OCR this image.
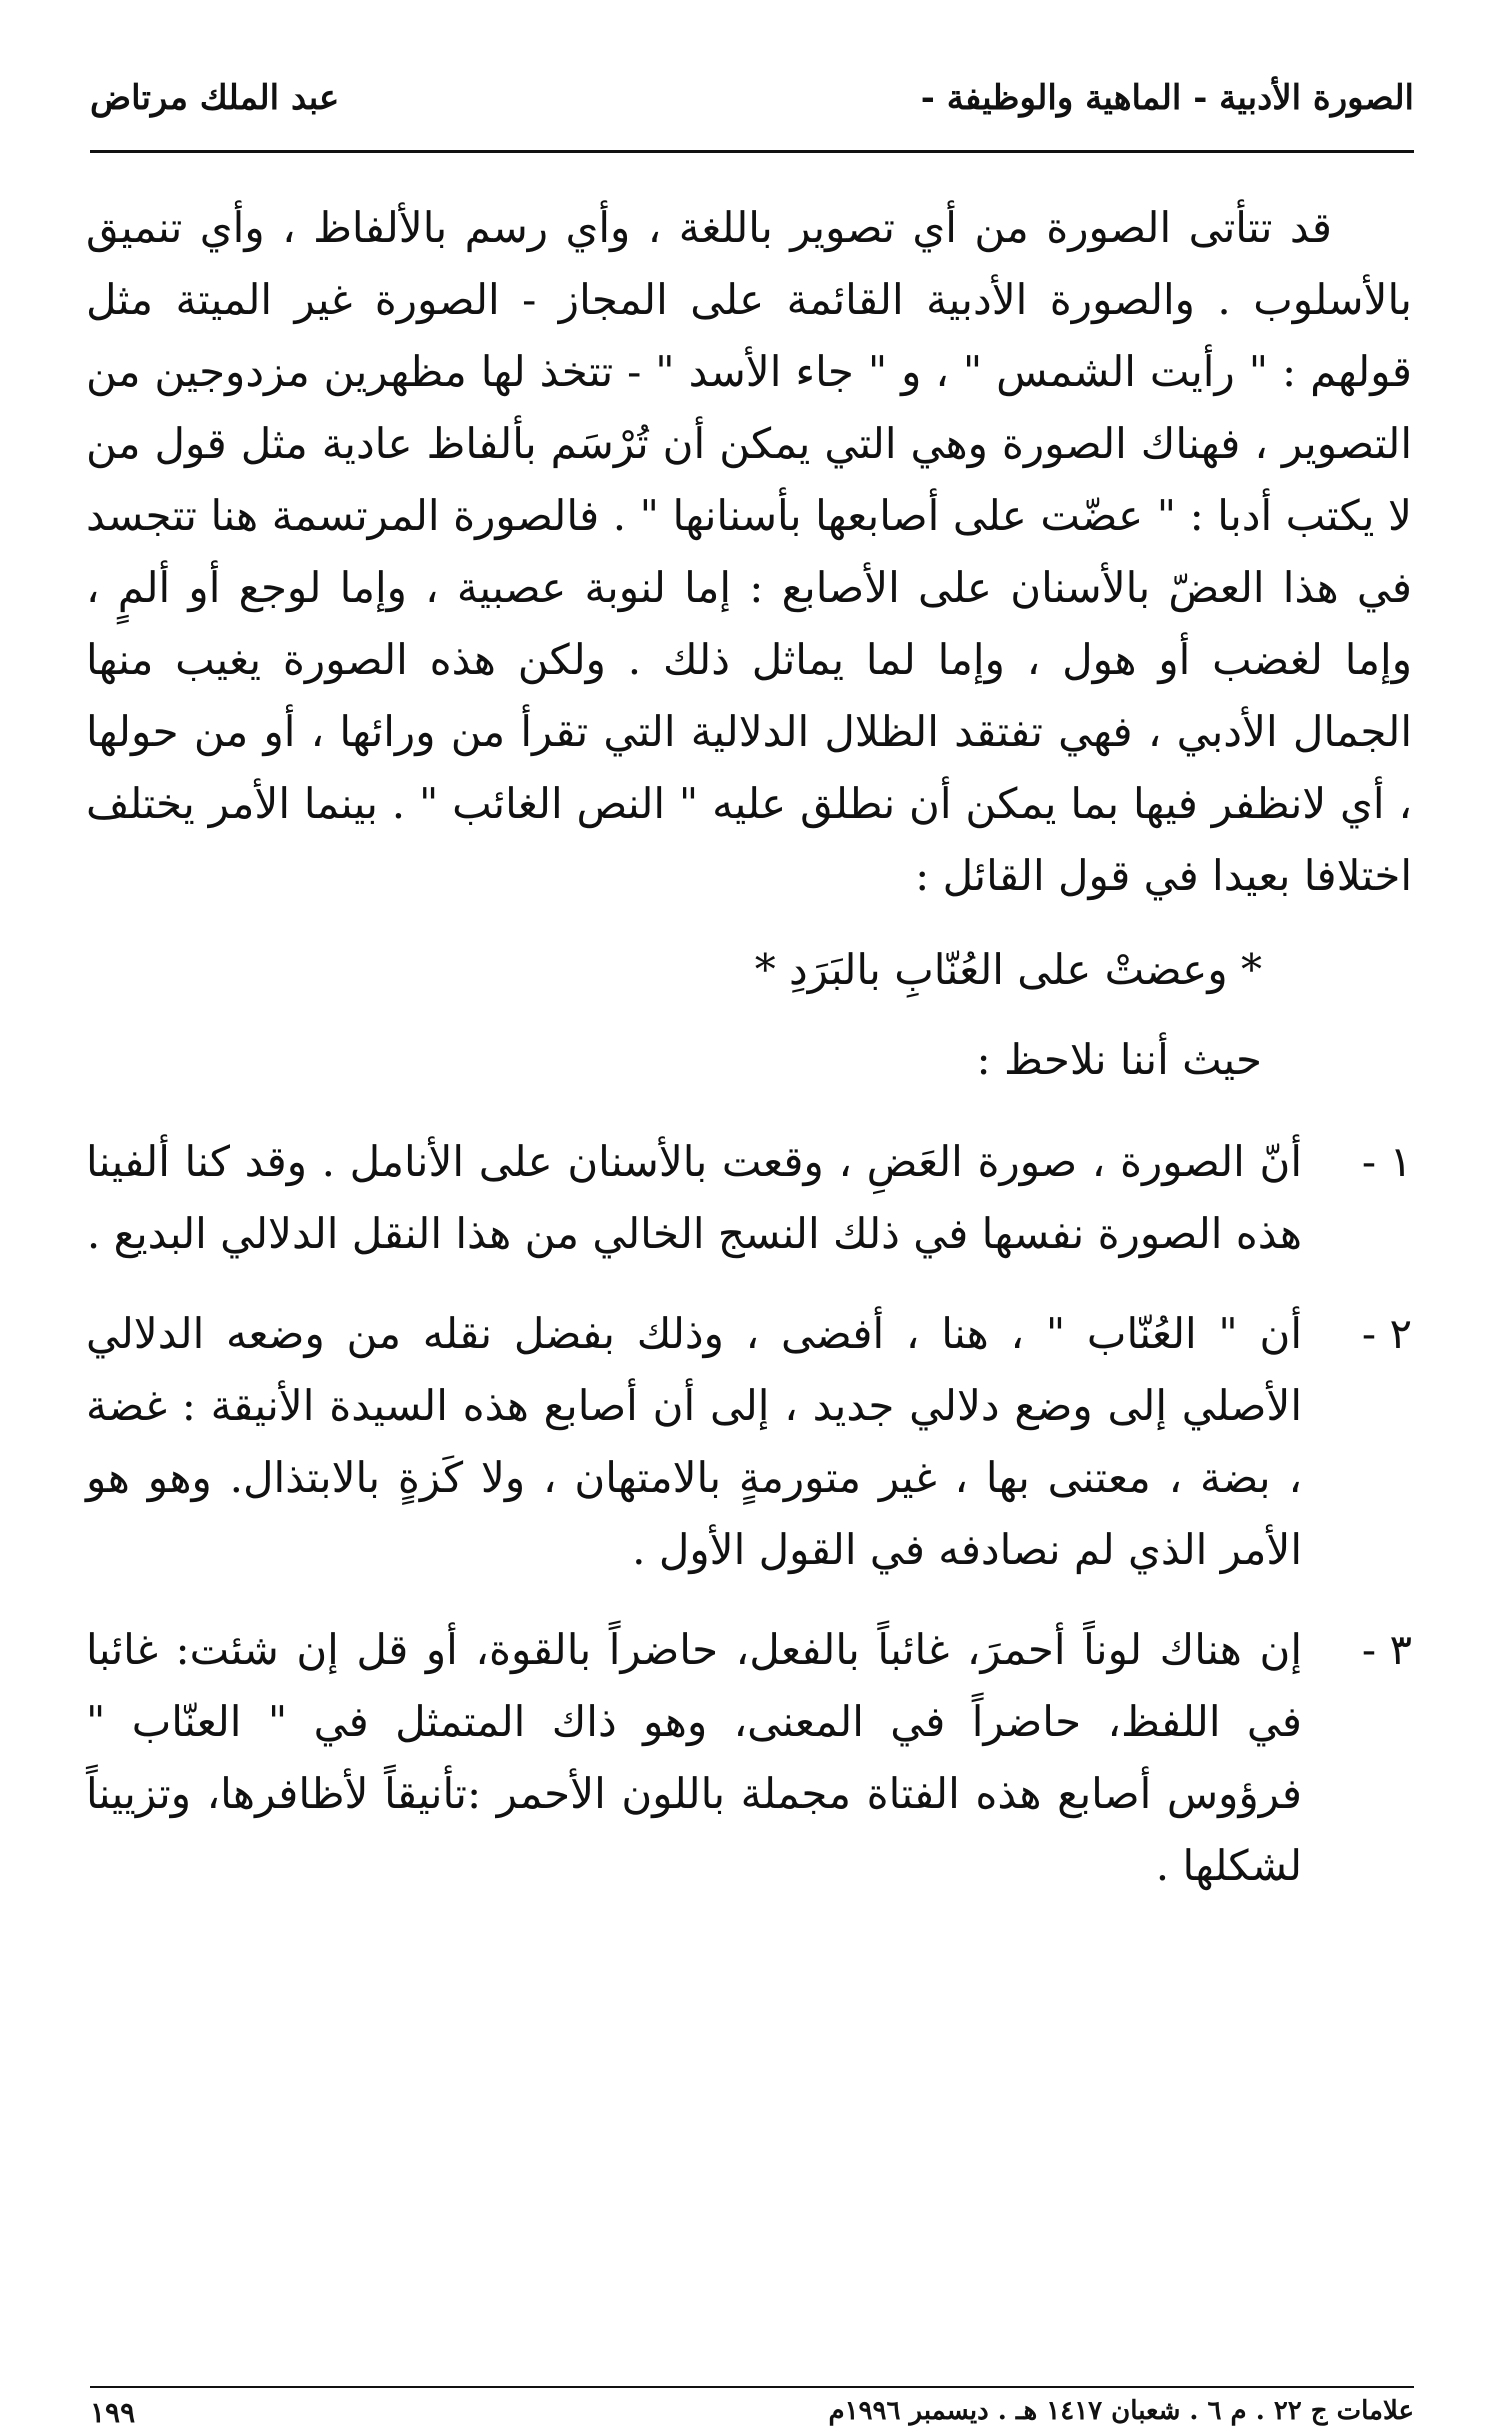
الصورة الأدبية - الماهية والوظيفة -
عبد الملك مرتاض

قد تتأتى الصورة من أي تصوير باللغة ، وأي رسم بالألفاظ ، وأي تنميق بالأسلوب . والصورة الأدبية القائمة على المجاز - الصورة غير الميتة مثل قولهم : " رأيت الشمس " ، و " جاء الأسد " - تتخذ لها مظهرين مزدوجين من التصوير ، فهناك الصورة وهي التي يمكن أن تُرْسَم بألفاظ عادية مثل قول من لا يكتب أدبا : " عضّت على أصابعها بأسنانها " . فالصورة المرتسمة هنا تتجسد في هذا العضّ بالأسنان على الأصابع : إما لنوبة عصبية ، وإما لوجع أو ألمٍ ، وإما لغضب أو هول ، وإما لما يماثل ذلك . ولكن هذه الصورة يغيب منها الجمال الأدبي ، فهي تفتقد الظلال الدلالية التي تقرأ من ورائها ، أو من حولها ، أي لانظفر فيها بما يمكن أن نطلق عليه " النص الغائب " . بينما الأمر يختلف اختلافا بعيدا في قول القائل :

* وعضتْ على العُنّابِ بالبَرَدِ *
حيث أننا نلاحظ :
١ -
أنّ الصورة ، صورة العَضِ ، وقعت بالأسنان على الأنامل . وقد كنا ألفينا هذه الصورة نفسها في ذلك النسج الخالي من هذا النقل الدلالي البديع .
٢ -
أن " العُنّاب " ، هنا ، أفضى ، وذلك بفضل نقله من وضعه الدلالي الأصلي إلى وضع دلالي جديد ، إلى أن أصابع هذه السيدة الأنيقة : غضة ، بضة ، معتنى بها ، غير متورمةٍ بالامتهان ، ولا كَزةٍ بالابتذال. وهو هو الأمر الذي لم نصادفه في القول الأول .
٣ -
إن هناك لوناً أحمرَ، غائباً بالفعل، حاضراً بالقوة، أو قل إن شئت: غائبا في اللفظ، حاضراً في المعنى، وهو ذاك المتمثل في " العنّاب " فرؤوس أصابع هذه الفتاة مجملة باللون الأحمر :تأنيقاً لأظافرها، وتزييناً لشكلها .
علامات ج ٢٢ . م ٦ . شعبان ١٤١٧ هـ . ديسمبر ١٩٩٦م
١٩٩
